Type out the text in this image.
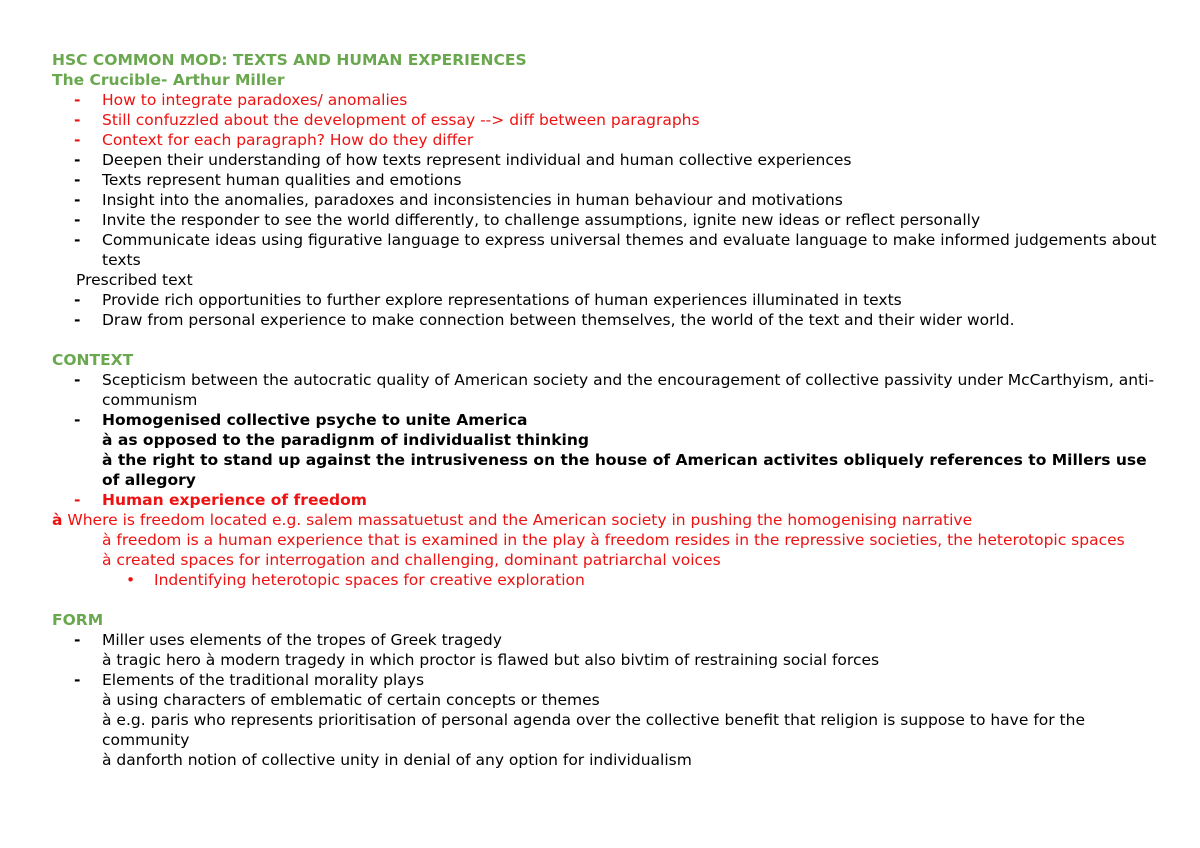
HSC COMMON MOD: TEXTS AND HUMAN EXPERIENCES
The Crucible- Arthur Miller
-	How to integrate paradoxes/ anomalies
-	Still confuzzled about the development of essay --> diff between paragraphs
-	Context for each paragraph? How do they differ
-	Deepen their understanding of how texts represent individual and human collective experiences
-	Texts represent human qualities and emotions
-	Insight into the anomalies, paradoxes and inconsistencies in human behaviour and motivations
-	Invite the responder to see the world differently, to challenge assumptions, ignite new ideas or reflect personally
-	Communicate ideas using figurative language to express universal themes and evaluate language to make informed judgements about texts
Prescribed text
-	Provide rich opportunities to further explore representations of human experiences illuminated in texts
-	Draw from personal experience to make connection between themselves, the world of the text and their wider world.
CONTEXT
-	Scepticism between the autocratic quality of American society and the encouragement of collective passivity under McCarthyism, anti- communism
-	Homogenised collective psyche to unite America
à as opposed to the paradignm of individualist thinking
à the right to stand up against the intrusiveness on the house of American activites obliquely references to Millers use of allegory
-	Human experience of freedom
à Where is freedom located e.g. salem massatuetust and the American society in pushing the homogenising narrative
à freedom is a human experience that is examined in the play à freedom resides in the repressive societies, the heterotopic spaces
à created spaces for interrogation and challenging, dominant patriarchal voices
•	Indentifying heterotopic spaces for creative exploration
FORM
-	Miller uses elements of the tropes of Greek tragedy
à tragic hero à modern tragedy in which proctor is flawed but also bivtim of restraining social forces
-	Elements of the traditional morality plays
à using characters of emblematic of certain concepts or themes
à e.g. paris who represents prioritisation of personal agenda over the collective benefit that religion is suppose to have for the community
à danforth notion of collective unity in denial of any option for individualism
